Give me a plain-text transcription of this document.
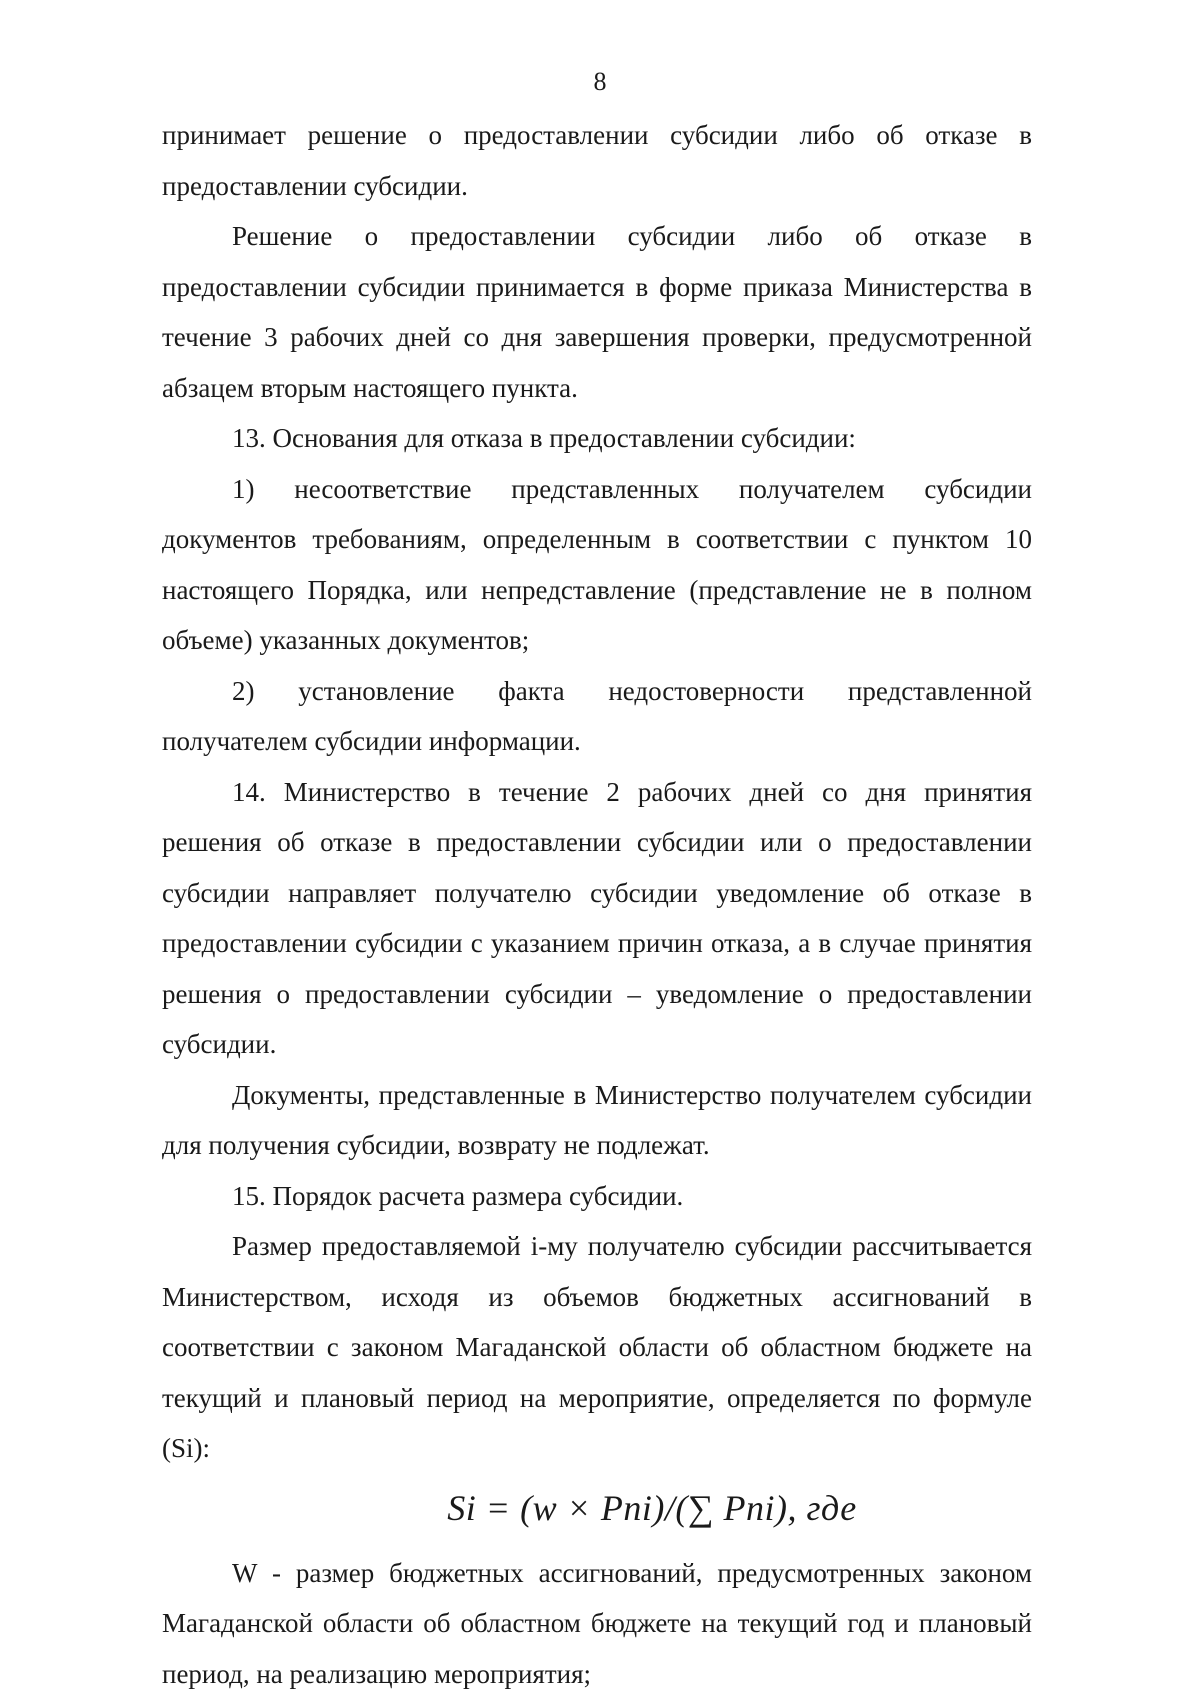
8

принимает решение о предоставлении субсидии либо об отказе в предоставлении субсидии.

Решение о предоставлении субсидии либо об отказе в предоставлении субсидии принимается в форме приказа Министерства в течение 3 рабочих дней со дня завершения проверки, предусмотренной абзацем вторым настоящего пункта.

13. Основания для отказа в предоставлении субсидии:

1) несоответствие представленных получателем субсидии документов требованиям, определенным в соответствии с пунктом 10 настоящего Порядка, или непредставление (представление не в полном объеме) указанных документов;

2) установление факта недостоверности представленной получателем субсидии информации.

14. Министерство в течение 2 рабочих дней со дня принятия решения об отказе в предоставлении субсидии или о предоставлении субсидии направляет получателю субсидии уведомление об отказе в предоставлении субсидии с указанием причин отказа, а в случае принятия решения о предоставлении субсидии – уведомление о предоставлении субсидии.

Документы, представленные в Министерство получателем субсидии для получения субсидии, возврату не подлежат.

15. Порядок расчета размера субсидии.

Размер предоставляемой i-му получателю субсидии рассчитывается Министерством, исходя из объемов бюджетных ассигнований в соответствии с законом Магаданской области об областном бюджете на текущий и плановый период на мероприятие, определяется по формуле (Si):

Si = (w × Pni)/(∑ Pni), где

W - размер бюджетных ассигнований, предусмотренных законом Магаданской области об областном бюджете на текущий год и плановый период, на реализацию мероприятия;
